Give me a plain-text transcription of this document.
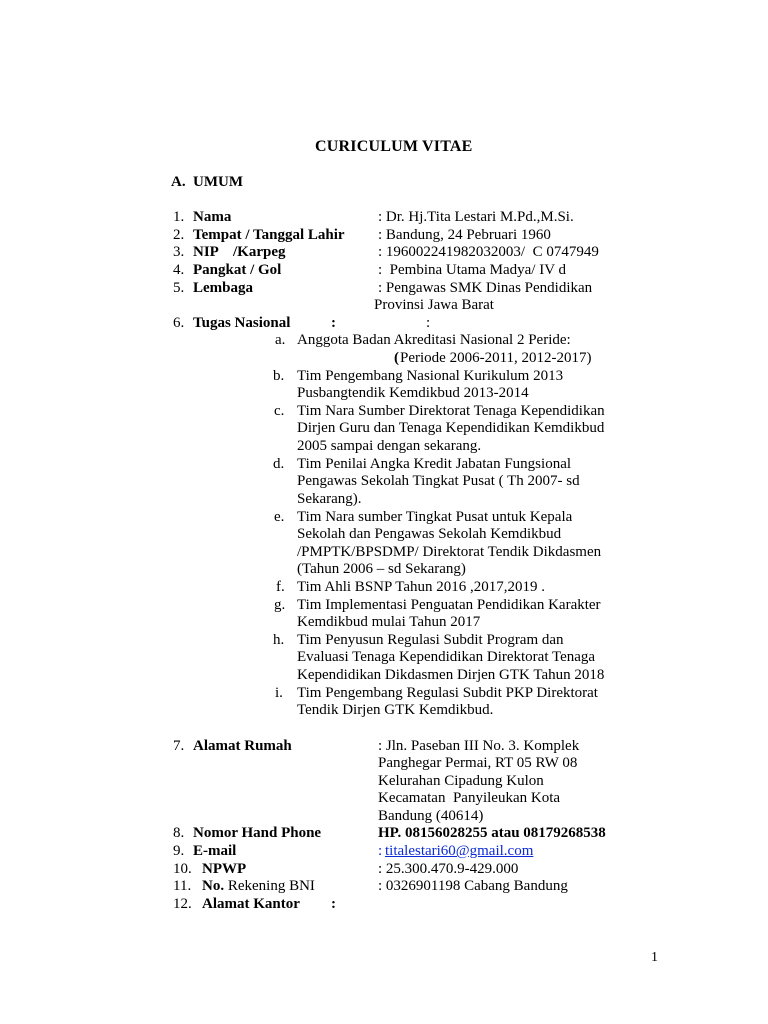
CURICULUM VITAE
A. UMUM
1. Nama	: Dr. Hj.Tita Lestari M.Pd.,M.Si.
2. Tempat / Tanggal Lahir : Bandung, 24 Pebruari 1960
3. NIP    /Karpeg	: 196002241982032003/  C 0747949
4. Pangkat / Gol	:  Pembina Utama Madya/ IV d
5. Lembaga	: Pengawas SMK Dinas Pendidikan
Provinsi Jawa Barat
6. Tugas Nasional	:	:
a. Anggota Badan Akreditasi Nasional 2 Peride:
( Periode 2006-2011, 2012-2017)
b. Tim Pengembang Nasional Kurikulum 2013
Pusbangtendik Kemdikbud 2013-2014
c. Tim Nara Sumber Direktorat Tenaga Kependidikan
Dirjen Guru dan Tenaga Kependidikan Kemdikbud
2005 sampai dengan sekarang.
d. Tim Penilai Angka Kredit Jabatan Fungsional
Pengawas Sekolah Tingkat Pusat ( Th 2007- sd
Sekarang).
e. Tim Nara sumber Tingkat Pusat untuk Kepala
Sekolah dan Pengawas Sekolah Kemdikbud
/PMPTK/BPSDMP/ Direktorat Tendik Dikdasmen
(Tahun 2006 – sd Sekarang)
f. Tim Ahli BSNP Tahun 2016 ,2017,2019 .
g. Tim Implementasi Penguatan Pendidikan Karakter
Kemdikbud mulai Tahun 2017
h. Tim Penyusun Regulasi Subdit Program dan
Evaluasi Tenaga Kependidikan Direktorat Tenaga
Kependidikan Dikdasmen Dirjen GTK Tahun 2018
i. Tim Pengembang Regulasi Subdit PKP Direktorat
Tendik Dirjen GTK Kemdikbud.
7. Alamat Rumah	: Jln. Paseban III No. 3. Komplek
Panghegar Permai, RT 05 RW 08
Kelurahan Cipadung Kulon
Kecamatan  Panyileukan Kota
Bandung (40614)
8. Nomor Hand Phone	HP. 08156028255 atau 08179268538
9. E-mail	: titalestari60@gmail.com
10. NPWP	: 25.300.470.9-429.000
11. No. Rekening BNI	: 0326901198 Cabang Bandung
12. Alamat Kantor :
1
